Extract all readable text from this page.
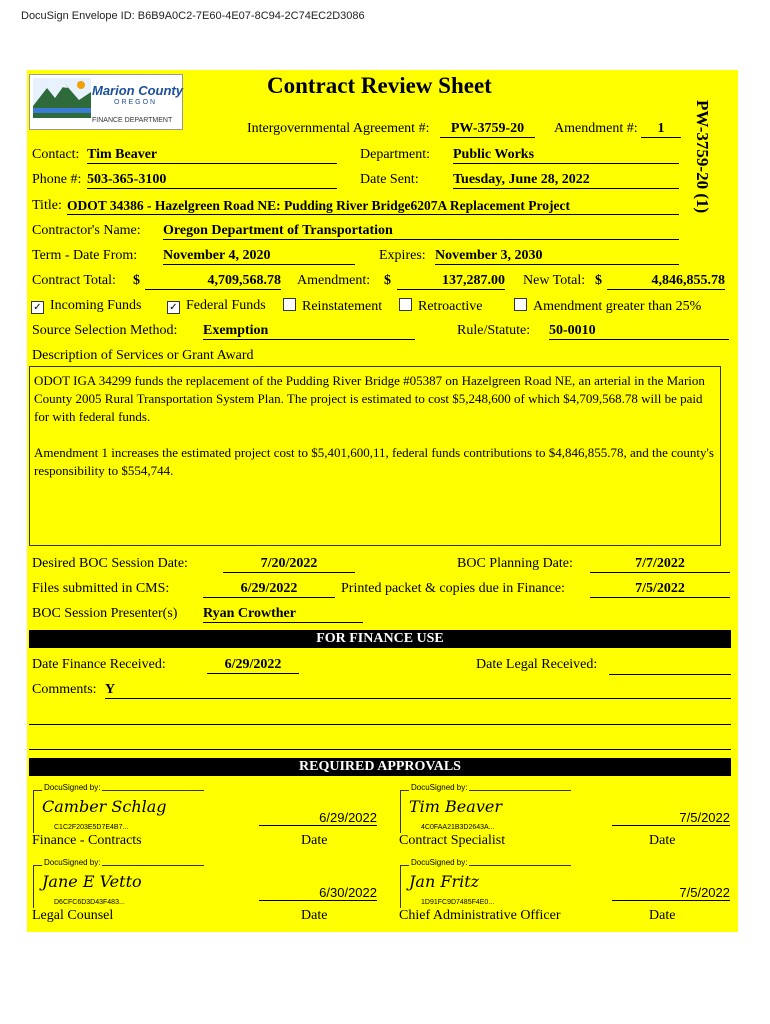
DocuSign Envelope ID: B6B9A0C2-7E60-4E07-8C94-2C74EC2D3086
Marion County
OREGON
FINANCE DEPARTMENT
Contract Review Sheet
PW-3759-20 (1)
Intergovernmental Agreement #:	PW-3759-20	Amendment #:	1
Contact: Tim Beaver	Department: Public Works
Phone #: 503-365-3100	Date Sent: Tuesday, June 28, 2022
Title: ODOT 34386 - Hazelgreen Road NE: Pudding River Bridge6207A Replacement Project
Contractor's Name: Oregon Department of Transportation
Term - Date From: November 4, 2020	Expires: November 3, 2030
Contract Total: $	4,709,568.78 Amendment: $	137,287.00 New Total: $	4,846,855.78
✓ Incoming Funds	✓ Federal Funds	Reinstatement	Retroactive	Amendment greater than 25%
Source Selection Method: Exemption	Rule/Statute: 50-0010
Description of Services or Grant Award

ODOT IGA 34299 funds the replacement of the Pudding River Bridge #05387 on Hazelgreen Road NE, an arterial in the Marion County 2005 Rural Transportation System Plan. The project is estimated to cost $5,248,600 of which $4,709,568.78 will be paid for with federal funds.

Amendment 1 increases the estimated project cost to $5,401,600,11, federal funds contributions to $4,846,855.78, and the county's responsibility to $554,744.

Desired BOC Session Date:	7/20/2022	BOC Planning Date:	7/7/2022
Files submitted in CMS:	6/29/2022	Printed packet & copies due in Finance:	7/5/2022
BOC Session Presenter(s) Ryan Crowther
FOR FINANCE USE
Date Finance Received:	6/29/2022	Date Legal Received:
Comments: Y
REQUIRED APPROVALS
DocuSigned by:
Camber Schlag
C1C2F203E5D7E4B7...
6/29/2022
Finance - Contracts	Date
DocuSigned by:
Tim Beaver
4C0FAA21B3D2643A...
7/5/2022
Contract Specialist	Date
DocuSigned by:
Jane E Vetto
D6CFC6D3D43F483...
6/30/2022
Legal Counsel	Date
DocuSigned by:
Jan Fritz
1D91FC9D7485F4E0...
7/5/2022
Chief Administrative Officer	Date
